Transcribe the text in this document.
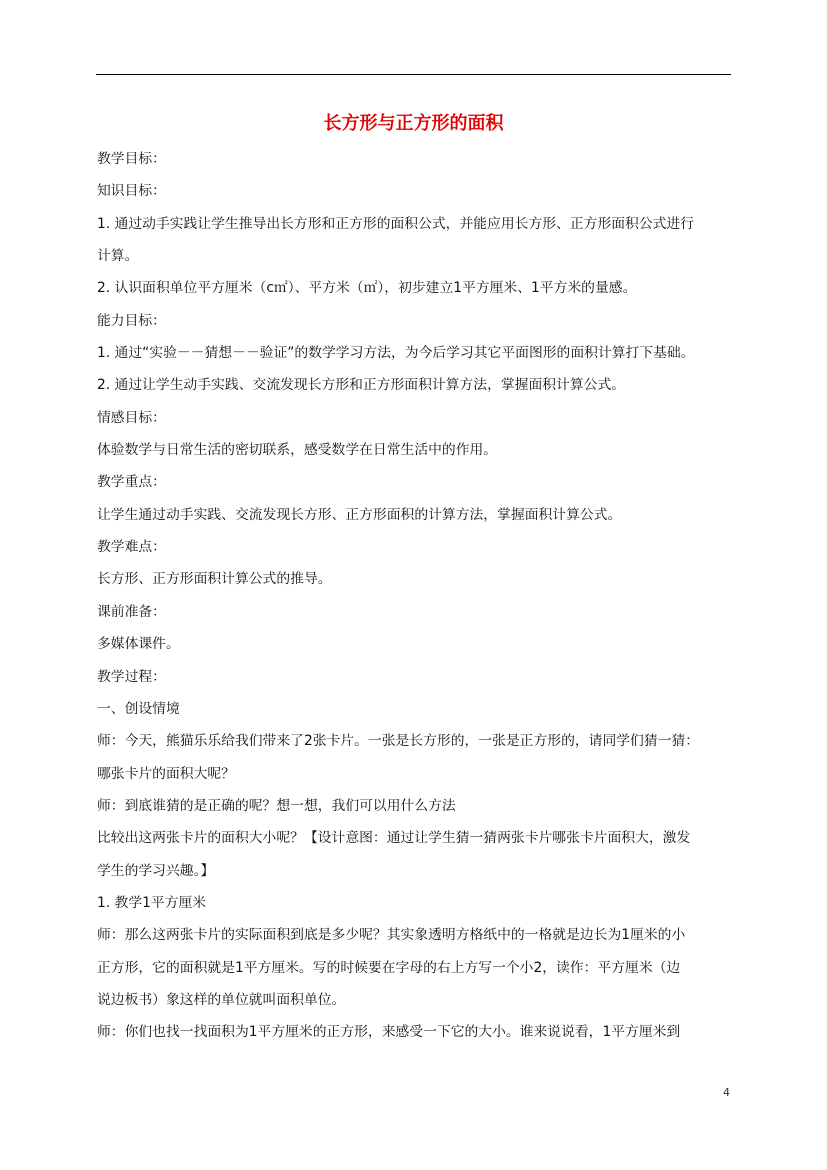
长方形与正方形的面积

教学目标：

知识目标：

1. 通过动手实践让学生推导出长方形和正方形的面积公式，并能应用长方形、正方形面积公式进行

计算。

2. 认识面积单位平方厘米（c㎡）、平方米（㎡），初步建立1平方厘米、1平方米的量感。

能力目标：

1. 通过“实验－－猜想－－验证”的数学学习方法，为今后学习其它平面图形的面积计算打下基础。

2. 通过让学生动手实践、交流发现长方形和正方形面积计算方法，掌握面积计算公式。

情感目标：

体验数学与日常生活的密切联系，感受数学在日常生活中的作用。

教学重点：

让学生通过动手实践、交流发现长方形、正方形面积的计算方法，掌握面积计算公式。

教学难点：

长方形、正方形面积计算公式的推导。

课前准备：

多媒体课件。

教学过程：

一、创设情境

师：今天，熊猫乐乐给我们带来了2张卡片。一张是长方形的，一张是正方形的，请同学们猜一猜：

哪张卡片的面积大呢？

师：到底谁猜的是正确的呢？想一想，我们可以用什么方法

比较出这两张卡片的面积大小呢？【设计意图：通过让学生猜一猜两张卡片哪张卡片面积大，激发

学生的学习兴趣。】

1. 教学1平方厘米

师：那么这两张卡片的实际面积到底是多少呢？其实象透明方格纸中的一格就是边长为1厘米的小

正方形，它的面积就是1平方厘米。写的时候要在字母的右上方写一个小2，读作：平方厘米（边

说边板书）象这样的单位就叫面积单位。

师：你们也找一找面积为1平方厘米的正方形，来感受一下它的大小。谁来说说看，1平方厘米到

4
